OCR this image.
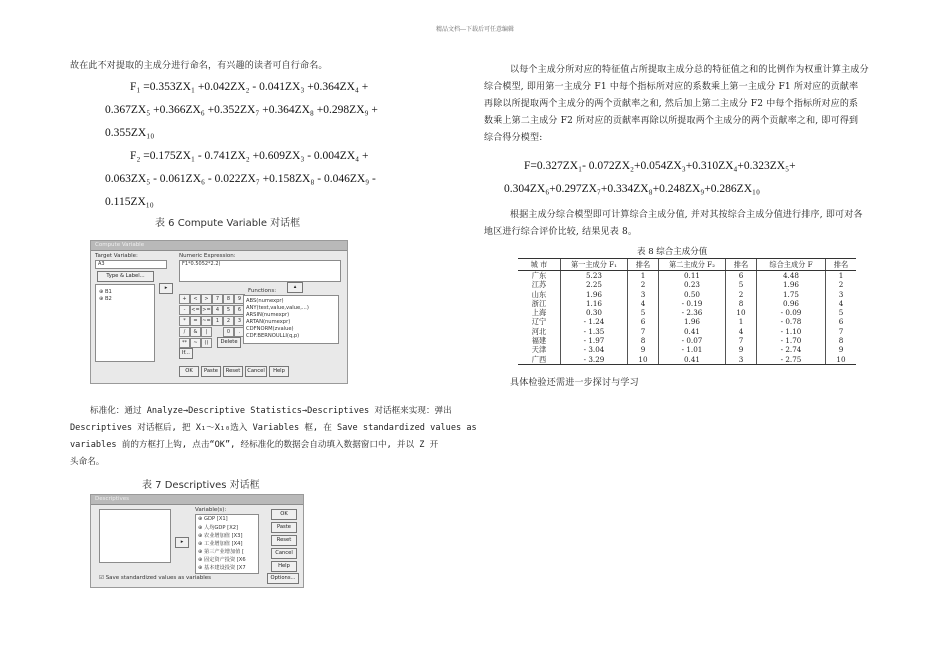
精品文档---下载后可任意编辑
故在此不对提取的主成分进行命名，有兴趣的读者可自行命名。
F₁ =0.353ZX₁ +0.042ZX₂ - 0.041ZX₃ +0.364ZX₄ +
0.367ZX₅ +0.366ZX₆ +0.352ZX₇ +0.364ZX₈ +0.298ZX₉ +
0.355ZX₁₀
F₂ =0.175ZX₁ - 0.741ZX₂ +0.609ZX₃ - 0.004ZX₄ +
0.063ZX₅ - 0.061ZX₆ - 0.022ZX₇ +0.158ZX₈ - 0.046ZX₉ -
0.115ZX₁₀
表 6 Compute Variable 对话框
Compute Variable
Target Variable:
A3
Numeric Expression:
F1*0.5052*2.2)
Type & Label...
⊕ B1
⊕ B2
▸
+	<	>	7	8	9
-	<= >=	4	5	6
*	= ~=	1	2	3
/	&	|	0	.
**	~	()	Delete
Functions:
▴
ABS(numexpr)
ANY(test,value,value,...)
ARSIN(numexpr)
ARTAN(numexpr)
CDFNORM(zvalue)
CDF.BERNOULLI(q,p)
If...
OK	Paste	Reset	Cancel	Help
标准化：通过 Analyze→Descriptive Statistics→Descriptives 对话框来实现：弹出
Descriptives 对话框后, 把 X₁～X₁₀选入 Variables 框, 在 Save standardized values as
variables 前的方框打上钩, 点击“OK”, 经标准化的数据会自动填入数据窗口中, 并以 Z 开
头命名。
表 7 Descriptives 对话框
Descriptives
▸
Variable(s):
⊕ GDP [X1]
⊕ 人均GDP [X2]
⊕ 农业增加值 [X3]
⊕ 工业增加值 [X4]
⊕ 第三产业增加值 [
⊕ 固定资产投资 [X6
⊕ 基本建设投资 [X7
OK
Paste
Reset
Cancel
Help
☑ Save standardized values as variables	Options...
以每个主成分所对应的特征值占所提取主成分总的特征值之和的比例作为权重计算主成分
综合模型, 即用第一主成分 F1 中每个指标所对应的系数乘上第一主成分 F1 所对应的贡献率
再除以所提取两个主成分的两个贡献率之和, 然后加上第二主成分 F2 中每个指标所对应的系
数乘上第二主成分 F2 所对应的贡献率再除以所提取两个主成分的两个贡献率之和, 即可得到
综合得分模型:
F=0.327ZX₁- 0.072ZX₂+0.054ZX₃+0.310ZX₄+0.323ZX₅+
0.304ZX₆+0.297ZX₇+0.334ZX₈+0.248ZX₉+0.286ZX₁₀
根据主成分综合模型即可计算综合主成分值, 并对其按综合主成分值进行排序, 即可对各
地区进行综合评价比较, 结果见表 8。
表 8 综合主成分值
城 市	第一主成分 F₁	排名	第二主成分 F₂	排名	综合主成分 F	排名
广东	5.23	1	0.11	6	4.48	1
江苏	2.25	2	0.23	5	1.96	2
山东	1.96	3	0.50	2	1.75	3
浙江	1.16	4	- 0.19	8	0.96	4
上海	0.30	5	- 2.36	10	- 0.09	5
辽宁	- 1.24	6	1.96	1	- 0.78	6
河北	- 1.35	7	0.41	4	- 1.10	7
福建	- 1.97	8	- 0.07	7	- 1.70	8
天津	- 3.04	9	- 1.01	9	- 2.74	9
广西	- 3.29	10	0.41	3	- 2.75	10
具体检验还需进一步探讨与学习
